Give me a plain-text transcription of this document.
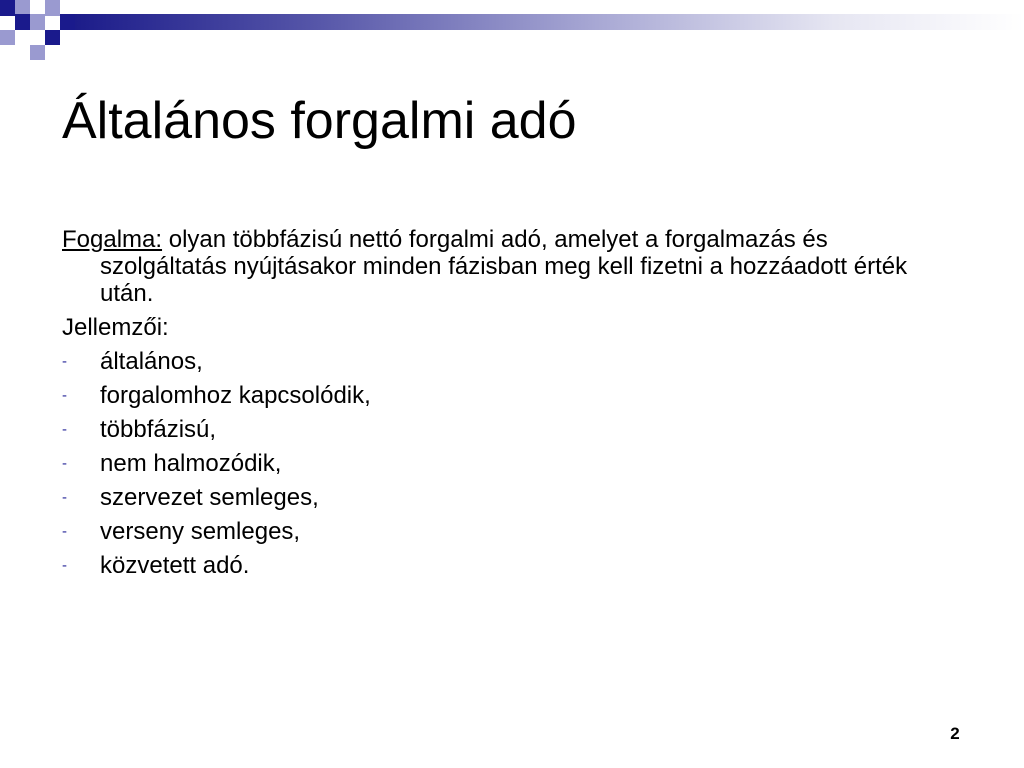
Általános forgalmi adó

Fogalma: olyan többfázisú nettó forgalmi adó, amelyet a forgalmazás és szolgáltatás nyújtásakor minden fázisban meg kell fizetni a hozzáadott érték után.

Jellemzői:

-	általános,
-	forgalomhoz kapcsolódik,
-	többfázisú,
-	nem halmozódik,
-	szervezet semleges,
-	verseny semleges,
-	közvetett adó.
2
